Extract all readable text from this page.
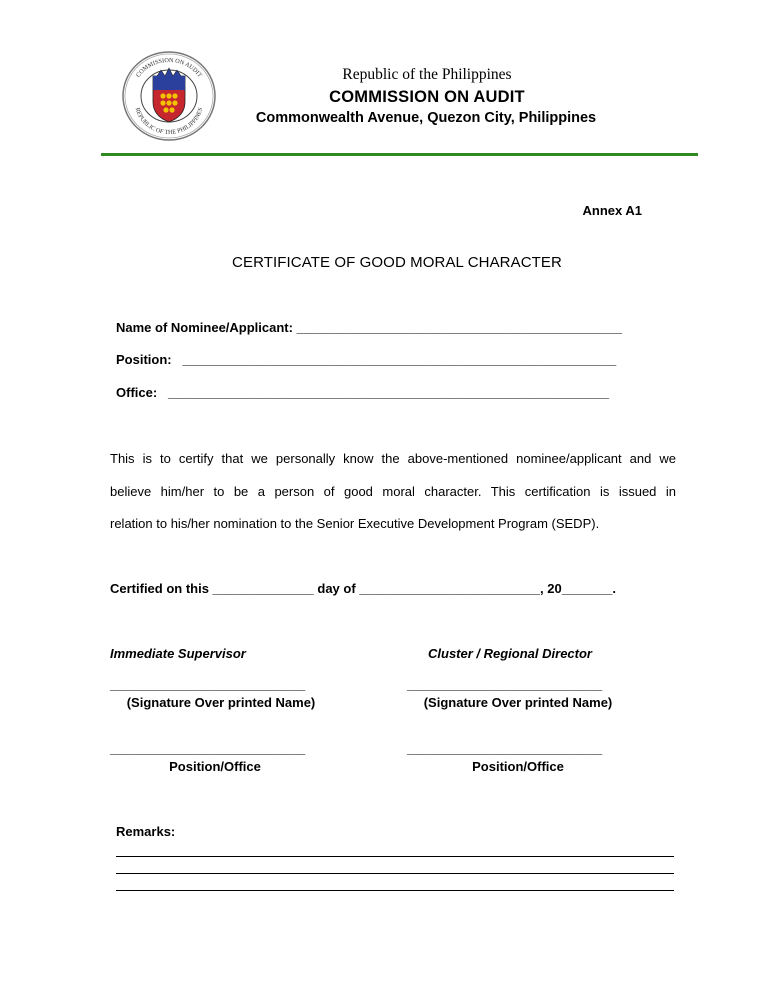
COMMISSION ON AUDIT
REPUBLIC OF THE PHILIPPINES
Republic of the Philippines
COMMISSION ON AUDIT
Commonwealth Avenue, Quezon City, Philippines
Annex A1
CERTIFICATE OF GOOD MORAL CHARACTER
Name of Nominee/Applicant: _____________________________________________
Position: ____________________________________________________________
Office: _____________________________________________________________
This is to certify that we personally know the above-mentioned nominee/applicant and we
believe him/her to be a person of good moral character. This certification is issued in
relation to his/her nomination to the Senior Executive Development Program (SEDP).
Certified on this ______________ day of _________________________, 20_______.
Immediate Supervisor	Cluster / Regional Director
___________________________	___________________________
(Signature Over printed Name)	(Signature Over printed Name)
___________________________	___________________________
Position/Office	Position/Office
Remarks:
